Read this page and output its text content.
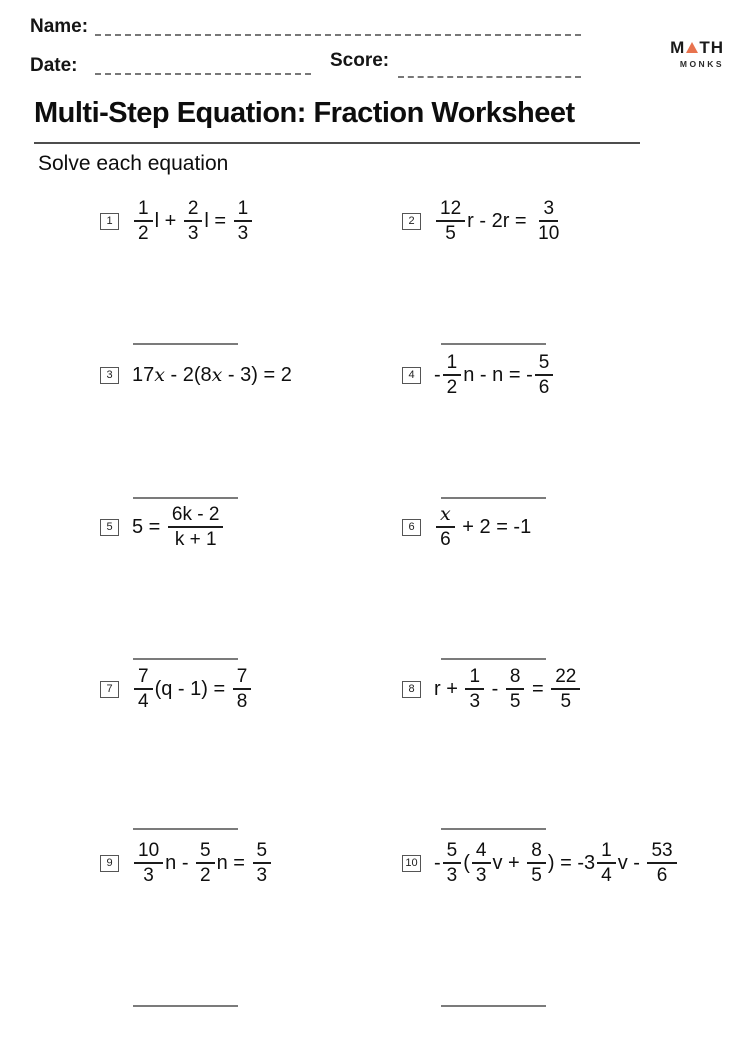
Name:
Date:	Score:
M TH
MONKS
Multi-Step Equation: Fraction Worksheet
Solve each equation
1	$\frac{1}{2}$ $l + \frac{2}{3}$ $l = \frac{1}{3}$	2	$\frac{12}{5}$ $r - 2r = \frac{3}{10}$
3 17 x - 2(8 x - 3) = 2	$4 - \frac{1}{2}$ n - n = - $\frac{5}{6}$
5 $5 = \frac{6k - 2}{k + 1}$	6	$\frac{x}{6} + 2 = -1$
7	$\frac{7}{4} (q - 1) = \frac{7}{8}$	8 $r + \frac{1}{3} - \frac{8}{5} = \frac{22}{5}$
9	$\frac{10}{3}$ n - $\frac{5}{2}$ $n = \frac{5}{3}$	$10 - \frac{5}{3}$ ( $\frac{4}{3}$ $v + \frac{8}{5}$ ) = $-3 \frac{1}{4}$ v - $\frac{53}{6}$
